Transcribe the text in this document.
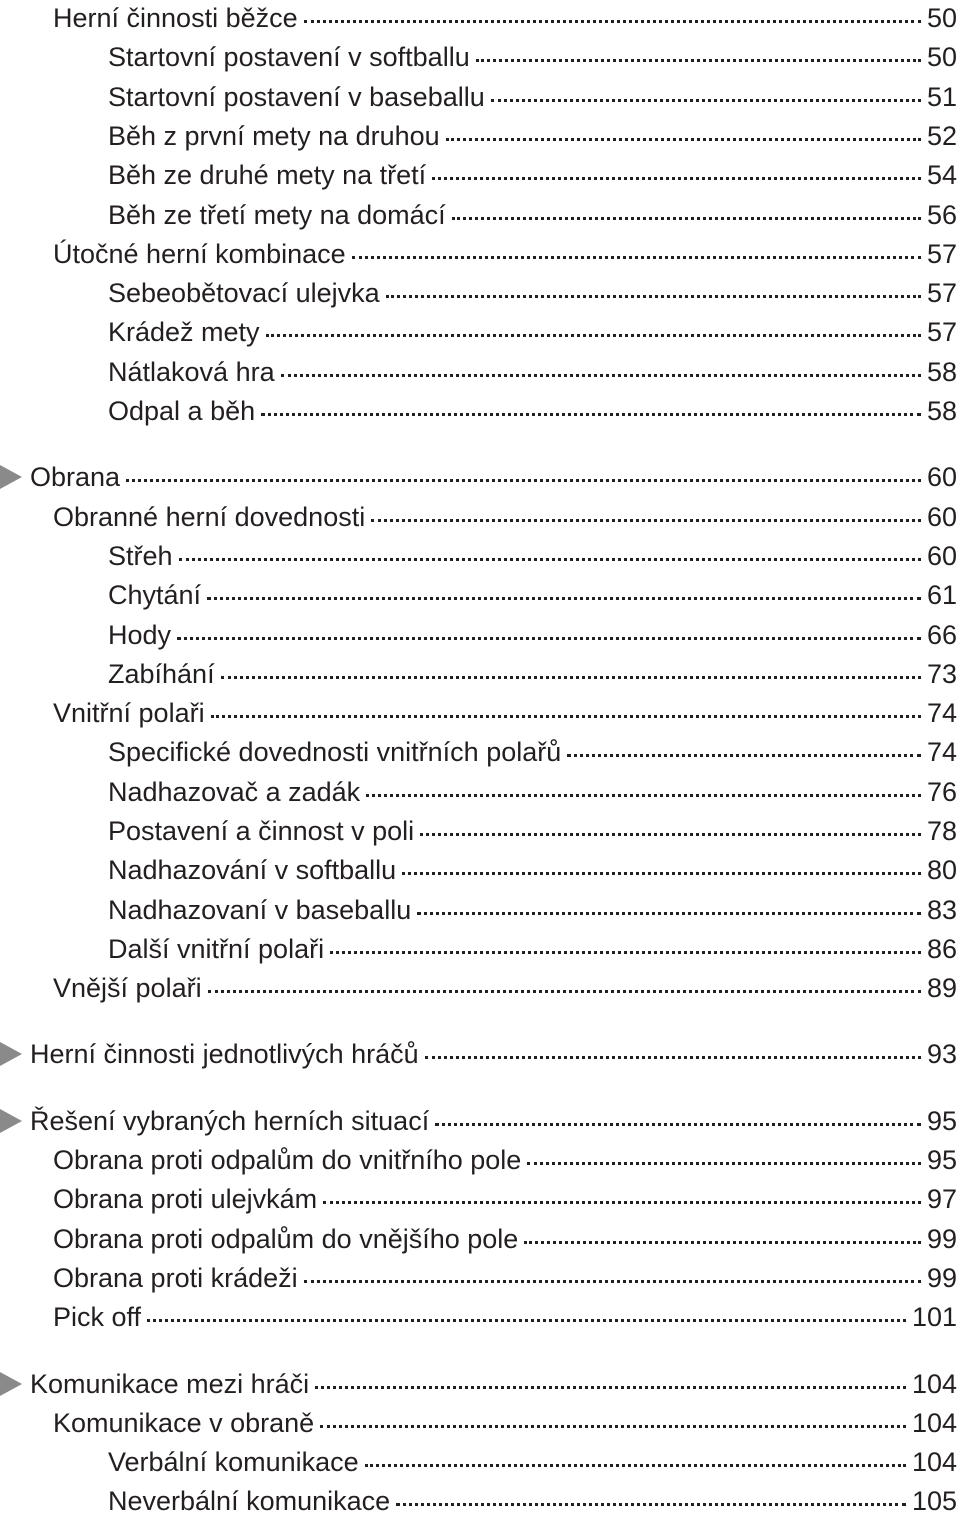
Herní činnosti běžce	50
Startovní postavení v softballu	50
Startovní postavení v baseballu	51
Běh z první mety na druhou	52
Běh ze druhé mety na třetí	54
Běh ze třetí mety na domácí	56
Útočné herní kombinace	57
Sebeobětovací ulejvka	57
Krádež mety	57
Nátlaková hra	58
Odpal a běh	58
Obrana	60
Obranné herní dovednosti	60
Střeh	60
Chytání	61
Hody	66
Zabíhání	73
Vnitřní polaři	74
Specifické dovednosti vnitřních polařů	74
Nadhazovač a zadák	76
Postavení a činnost v poli	78
Nadhazování v softballu	80
Nadhazovaní v baseballu	83
Další vnitřní polaři	86
Vnější polaři	89
Herní činnosti jednotlivých hráčů	93
Řešení vybraných herních situací	95
Obrana proti odpalům do vnitřního pole	95
Obrana proti ulejvkám	97
Obrana proti odpalům do vnějšího pole	99
Obrana proti krádeži	99
Pick off	101
Komunikace mezi hráči	104
Komunikace v obraně	104
Verbální komunikace	104
Neverbální komunikace	105
